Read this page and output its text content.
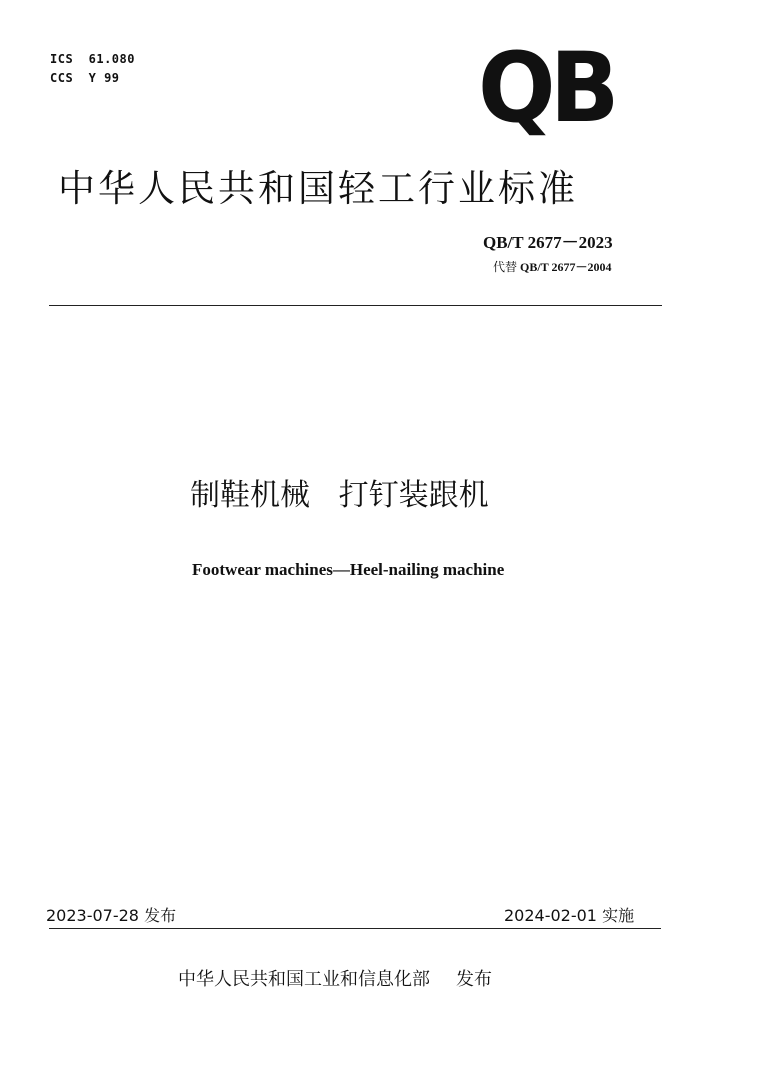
ICS  61.080
CCS  Y 99	QB
中华人民共和国轻工行业标准
QB/T 2677－2023
代替 QB/T 2677－2004
制鞋机械   打钉装跟机
Footwear machines—Heel-nailing machine
2023-07-28 发布	2024-02-01 实施
中华人民共和国工业和信息化部 发布
